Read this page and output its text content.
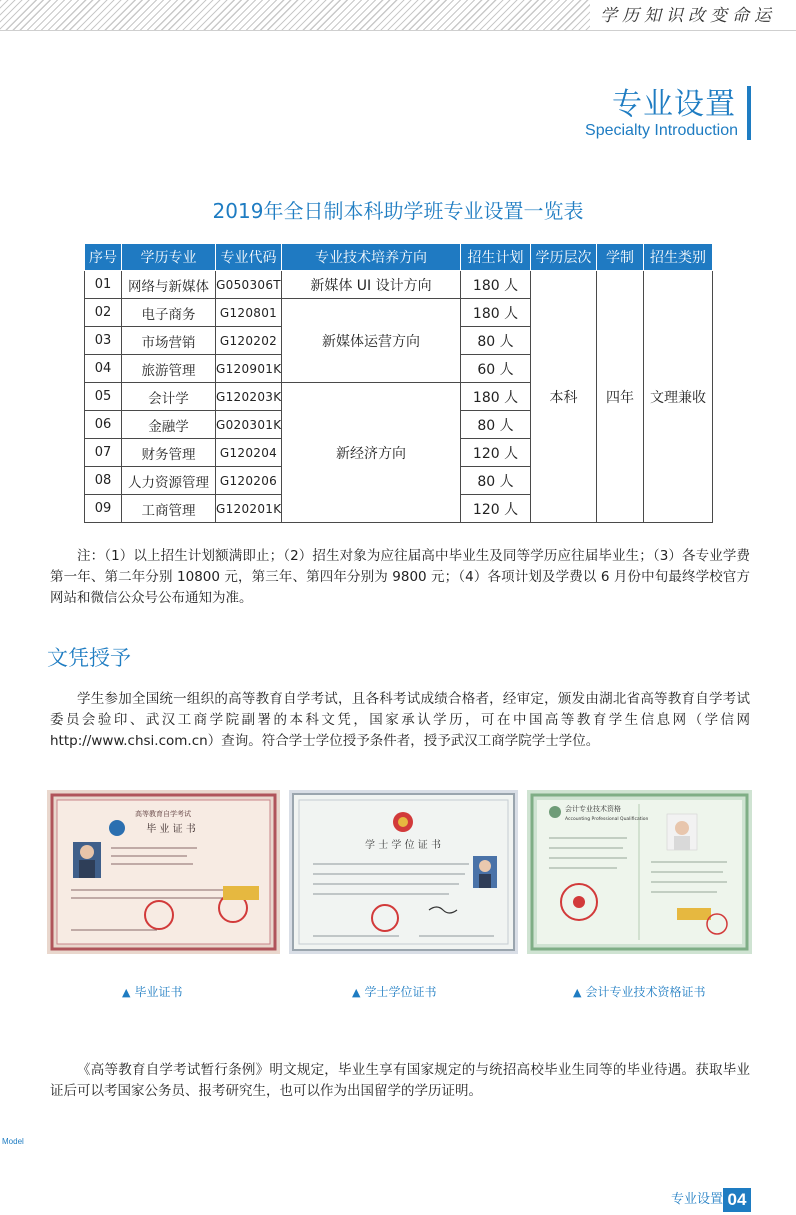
学历知识改变命运
专业设置
Specialty Introduction
2019年全日制本科助学班专业设置一览表
序号	学历专业	专业代码	专业技术培养方向	招生计划	学历层次	学制	招生类别
01	网络与新媒体	G050306T	新媒体 UI 设计方向	180 人	本科	四年	文理兼收
02	电子商务	G120801	新媒体运营方向	180 人			
03	市场营销	G120202		80 人			
04	旅游管理	G120901K		60 人			
05	会计学	G120203K	新经济方向	180 人			
06	金融学	G020301K		80 人			
07	财务管理	G120204		120 人			
08	人力资源管理	G120206		80 人			
09	工商管理	G120201K		120 人			
注：（1）以上招生计划额满即止；（2）招生对象为应往届高中毕业生及同等学历应往届毕业生；（3）各专业学费第一年、第二年分别 10800 元，第三年、第四年分别为 9800 元；（4）各项计划及学费以 6 月份中旬最终学校官方网站和微信公众号公布通知为准。
文凭授予
学生参加全国统一组织的高等教育自学考试，且各科考试成绩合格者，经审定，颁发由湖北省高等教育自学考试委员会验印、武汉工商学院副署的本科文凭，国家承认学历，可在中国高等教育学生信息网（学信网 http://www.chsi.com.cn）查询。符合学士学位授予条件者，授予武汉工商学院学士学位。
高等教育自学考试
毕 业 证 书
学 士 学 位 证 书
会计专业技术资格
Accounting Professional Qualification
▲ 毕业证书	▲ 学士学位证书	▲ 会计专业技术资格证书
《高等教育自学考试暂行条例》明文规定，毕业生享有国家规定的与统招高校毕业生同等的毕业待遇。获取毕业证后可以考国家公务员、报考研究生，也可以作为出国留学的学历证明。
Model
专业设置 04
